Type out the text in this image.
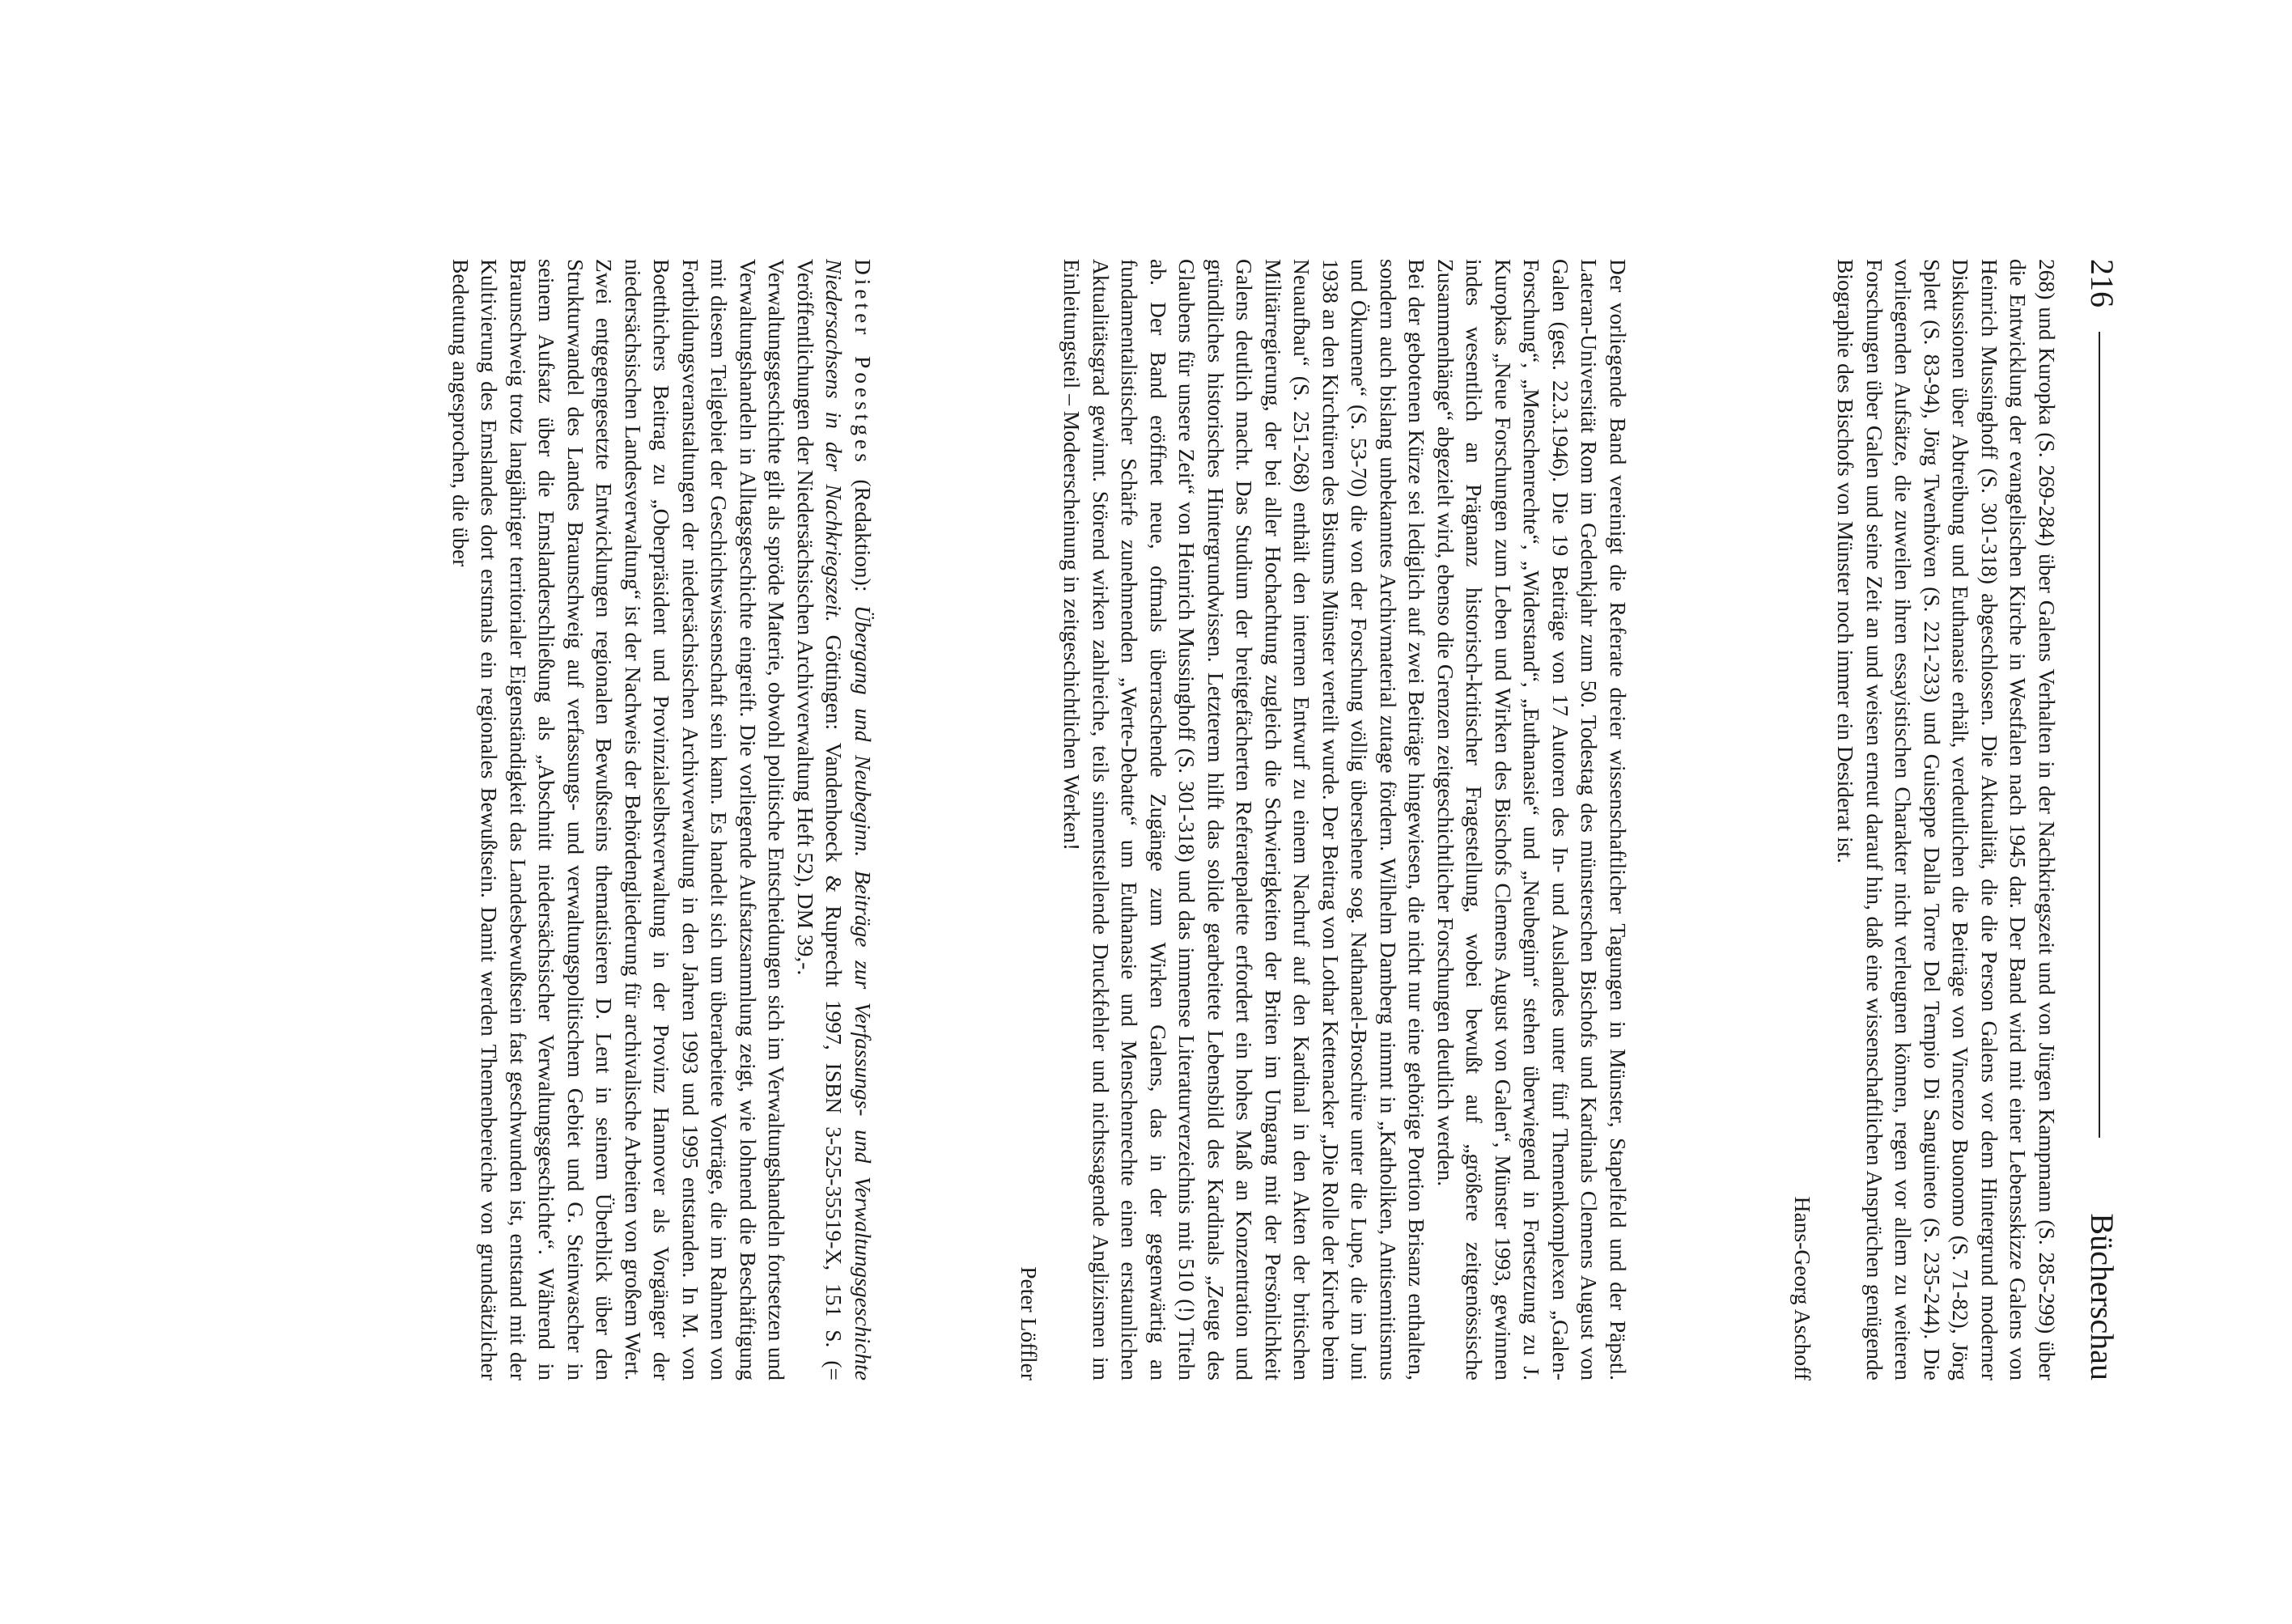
216
Bücherschau

268) und Kuropka (S. 269-284) über Galens Verhalten in der Nachkriegszeit und von Jürgen Kampmann (S. 285-299) über die Entwicklung der evangelischen Kirche in Westfalen nach 1945 dar. Der Band wird mit einer Lebensskizze Galens von Heinrich Mussinghoff (S. 301-318) abgeschlossen. Die Aktualität, die die Person Galens vor dem Hintergrund moderner Diskussionen über Abtreibung und Euthanasie erhält, verdeutlichen die Beiträge von Vincenzo Buonomo (S. 71-82), Jörg Splett (S. 83-94), Jörg Twenhöven (S. 221-233) und Guiseppe Dalla Torre Del Tempio Di Sanguineto (S. 235-244). Die vorliegenden Aufsätze, die zuweilen ihren essayistischen Charakter nicht verleugnen können, regen vor allem zu weiteren Forschungen über Galen und seine Zeit an und weisen erneut darauf hin, daß eine wissenschaftlichen Ansprüchen genügende Biographie des Bischofs von Münster noch immer ein Desiderat ist.

Hans-Georg Aschoff

Der vorliegende Band vereinigt die Referate dreier wissenschaftlicher Tagungen in Münster, Stapelfeld und der Päpstl. Lateran-Universität Rom im Gedenkjahr zum 50. Todestag des münsterschen Bischofs und Kardinals Clemens August von Galen (gest. 22.3.1946). Die 19 Beiträge von 17 Autoren des In- und Auslandes unter fünf Themenkomplexen „Galen-Forschung“, „Menschenrechte“, „Widerstand“, „Euthanasie“ und „Neubeginn“ stehen überwiegend in Fortsetzung zu J. Kuropkas „Neue Forschungen zum Leben und Wirken des Bischofs Clemens August von Galen“, Münster 1993, gewinnen indes wesentlich an Prägnanz historisch-kritischer Fragestellung, wobei bewußt auf „größere zeitgenössische Zusammenhänge“ abgezielt wird, ebenso die Grenzen zeitgeschichtlicher Forschungen deutlich werden.

Bei der gebotenen Kürze sei lediglich auf zwei Beiträge hingewiesen, die nicht nur eine gehörige Portion Brisanz enthalten, sondern auch bislang unbekanntes Archivmaterial zutage fördern. Wilhelm Damberg nimmt in „Katholiken, Antisemitismus und Ökumene“ (S. 53-70) die von der Forschung völlig übersehene sog. Nathanael-Broschüre unter die Lupe, die im Juni 1938 an den Kirchtüren des Bistums Münster verteilt wurde. Der Beitrag von Lothar Kettenacker „Die Rolle der Kirche beim Neuaufbau“ (S. 251-268) enthält den internen Entwurf zu einem Nachruf auf den Kardinal in den Akten der britischen Militärregierung, der bei aller Hochachtung zugleich die Schwierigkeiten der Briten im Umgang mit der Persönlichkeit Galens deutlich macht. Das Studium der breitgefächerten Referatepalette erfordert ein hohes Maß an Konzentration und gründliches historisches Hintergrundwissen. Letzterem hilft das solide gearbeitete Lebensbild des Kardinals „Zeuge des Glaubens für unsere Zeit“ von Heinrich Mussinghoff (S. 301-318) und das immense Literaturverzeichnis mit 510 (!) Titeln ab. Der Band eröffnet neue, oftmals überraschende Zugänge zum Wirken Galens, das in der gegenwärtig an fundamentalistischer Schärfe zunehmenden „Werte-Debatte“ um Euthanasie und Menschenrechte einen erstaunlichen Aktualitätsgrad gewinnt. Störend wirken zahlreiche, teils sinnentstellende Druckfehler und nichtssagende Anglizismen im Einleitungsteil – Modeerscheinung in zeitgeschichtlichen Werken!

Peter Löffler

Dieter Poestges (Redaktion): Übergang und Neubeginn. Beiträge zur Verfassungs- und Verwaltungsgeschichte Niedersachsens in der Nachkriegszeit. Göttingen: Vandenhoeck & Ruprecht 1997, ISBN 3-525-35519-X, 151 S. (= Veröffentlichungen der Niedersächsischen Archivverwaltung Heft 52), DM 39,-.

Verwaltungsgeschichte gilt als spröde Materie, obwohl politische Entscheidungen sich im Verwaltungshandeln fortsetzen und Verwaltungshandeln in Alltagsgeschichte eingreift. Die vorliegende Aufsatzsammlung zeigt, wie lohnend die Beschäftigung mit diesem Teilgebiet der Geschichtswissenschaft sein kann. Es handelt sich um überarbeitete Vorträge, die im Rahmen von Fortbildungsveranstaltungen der niedersächsischen Archivverwaltung in den Jahren 1993 und 1995 entstanden. In M. von Boetthichers Beitrag zu „Oberpräsident und Provinzialselbstverwaltung in der Provinz Hannover als Vorgänger der niedersächsischen Landesverwaltung“ ist der Nachweis der Behördengliederung für archivalische Arbeiten von großem Wert. Zwei entgegengesetzte Entwicklungen regionalen Bewußtseins thematisieren D. Lent in seinem Überblick über den Strukturwandel des Landes Braunschweig auf verfassungs- und verwaltungspolitischem Gebiet und G. Steinwascher in seinem Aufsatz über die Emslanderschließung als „Abschnitt niedersächsischer Verwaltungsgeschichte“. Während in Braunschweig trotz langjähriger territorialer Eigenständigkeit das Landesbewußtsein fast geschwunden ist, entstand mit der Kultivierung des Emslandes dort erstmals ein regionales Bewußtsein. Damit werden Themenbereiche von grundsätzlicher Bedeutung angesprochen, die über
